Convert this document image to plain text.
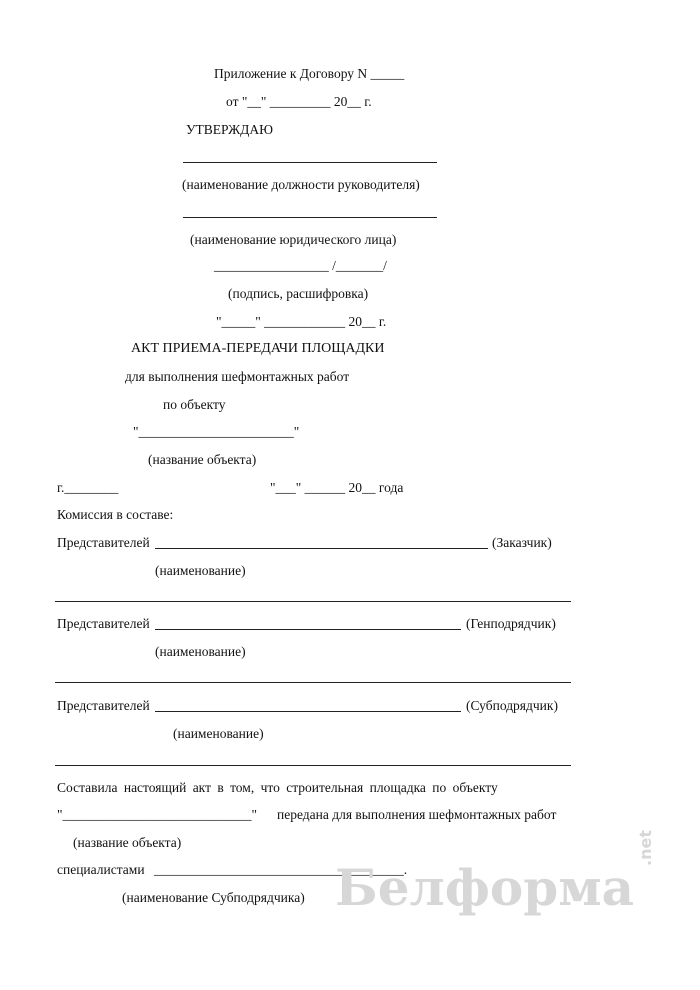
Приложение к Договору N _____
от "__" _________ 20__ г.
УТВЕРЖДАЮ
(наименование должности руководителя)
(наименование юридического лица)
_________________ /_______/
(подпись, расшифровка)
"_____" ____________ 20__ г.
АКТ ПРИЕМА-ПЕРЕДАЧИ ПЛОЩАДКИ
для выполнения шефмонтажных работ
по объекту
"_______________________"
(название объекта)
г.________	"___" ______ 20__ года
Комиссия в составе:
Представителей	(Заказчик)
(наименование)
Представителей	(Генподрядчик)
(наименование)
Представителей	(Субподрядчик)
(наименование)
Составила настоящий акт в том, что строительная площадка по объекту
"____________________________" передана для выполнения шефмонтажных работ
(название объекта)
специалистами _____________________________________.
(наименование Субподрядчика) Белформа
.net
